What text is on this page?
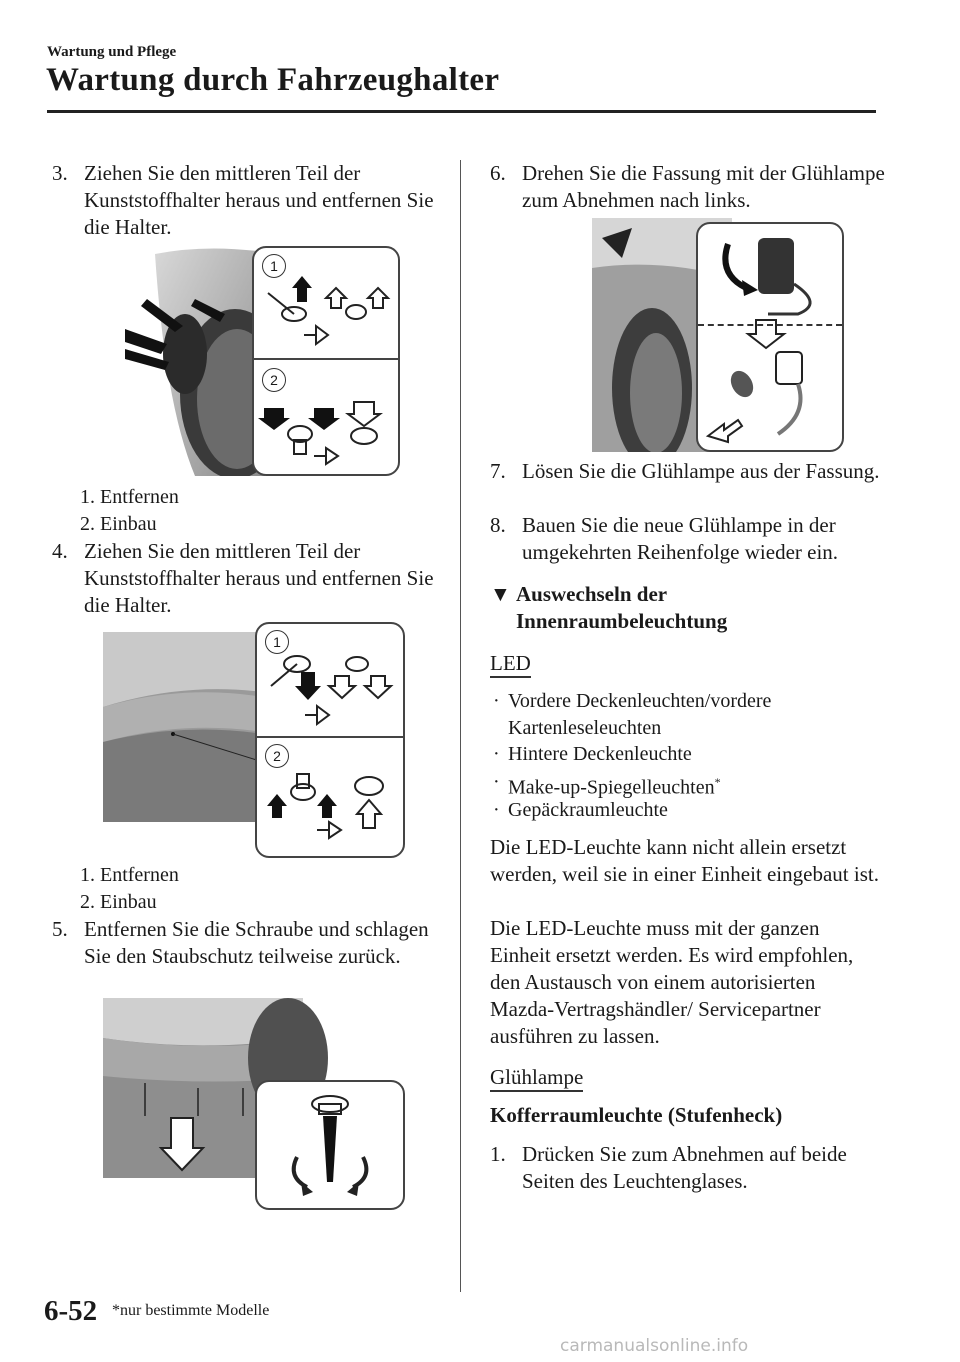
Wartung und Pflege
Wartung durch Fahrzeughalter
3. Ziehen Sie den mittleren Teil der Kunststoffhalter heraus und entfernen Sie die Halter.
1
2
1. Entfernen
2. Einbau
4. Ziehen Sie den mittleren Teil der Kunststoffhalter heraus und entfernen Sie die Halter.
1
2
1. Entfernen
2. Einbau
5. Entfernen Sie die Schraube und schlagen Sie den Staubschutz teilweise zurück.
6. Drehen Sie die Fassung mit der Glühlampe zum Abnehmen nach links.
7. Lösen Sie die Glühlampe aus der Fassung.
8. Bauen Sie die neue Glühlampe in der umgekehrten Reihenfolge wieder ein.
▼ Auswechseln der Innenraumbeleuchtung
LED
· Vordere Deckenleuchten/vordere Kartenleseleuchten
· Hintere Deckenleuchte
· Make-up-Spiegelleuchten*
· Gepäckraumleuchte
Die LED-Leuchte kann nicht allein ersetzt werden, weil sie in einer Einheit eingebaut ist.
Die LED-Leuchte muss mit der ganzen Einheit ersetzt werden. Es wird empfohlen, den Austausch von einem autorisierten Mazda-Vertragshändler/ Servicepartner ausführen zu lassen.
Glühlampe
Kofferraumleuchte (Stufenheck)
1. Drücken Sie zum Abnehmen auf beide Seiten des Leuchtenglases.
6-52 *nur bestimmte Modelle
carmanualsonline.info
